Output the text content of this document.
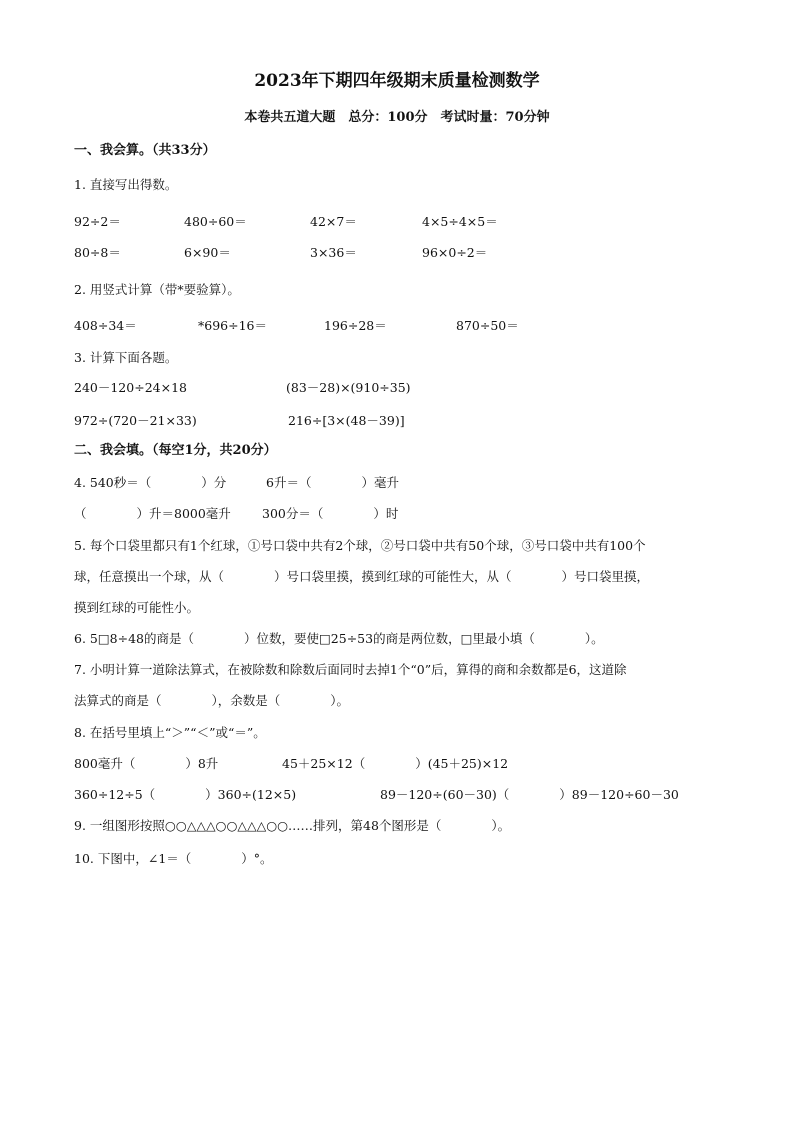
2023年下期四年级期末质量检测数学
本卷共五道大题　总分：100分　考试时量：70分钟
一、我会算。（共33分）
1. 直接写出得数。
92÷2＝	480÷60＝	42×7＝	4×5÷4×5＝
80÷8＝	6×90＝	3×36＝	96×0÷2＝
2. 用竖式计算（带*要验算）。
408÷34＝	*696÷16＝	196÷28＝	870÷50＝
3. 计算下面各题。
240－120÷24×18	(83－28)×(910÷35)
972÷(720－21×33)	216÷[3×(48－39)]
二、我会填。（每空1分，共20分）
4. 540秒＝（　　　　）分	6升＝（　　　　）毫升
（　　　　）升＝8000毫升 300分＝（　　　　）时
5. 每个口袋里都只有1个红球，①号口袋中共有2个球，②号口袋中共有50个球，③号口袋中共有100个
球，任意摸出一个球，从（　　　　）号口袋里摸，摸到红球的可能性大，从（　　　　）号口袋里摸，
摸到红球的可能性小。
6. 5□8÷48的商是（　　　　）位数，要使□25÷53的商是两位数，□里最小填（　　　　）。
7. 小明计算一道除法算式，在被除数和除数后面同时去掉1个“0”后，算得的商和余数都是6，这道除
法算式的商是（　　　　），余数是（　　　　）。
8. 在括号里填上“＞”“＜”或“＝”。
800毫升（　　　　）8升	45＋25×12（　　　　）(45＋25)×12
360÷12÷5（　　　　）360÷(12×5)	89－120÷(60－30)（　　　　）89－120÷60－30
9. 一组图形按照○○△△△○○△△△○○……排列，第48个图形是（　　　　）。
10. 下图中，∠1＝（　　　　）°。
